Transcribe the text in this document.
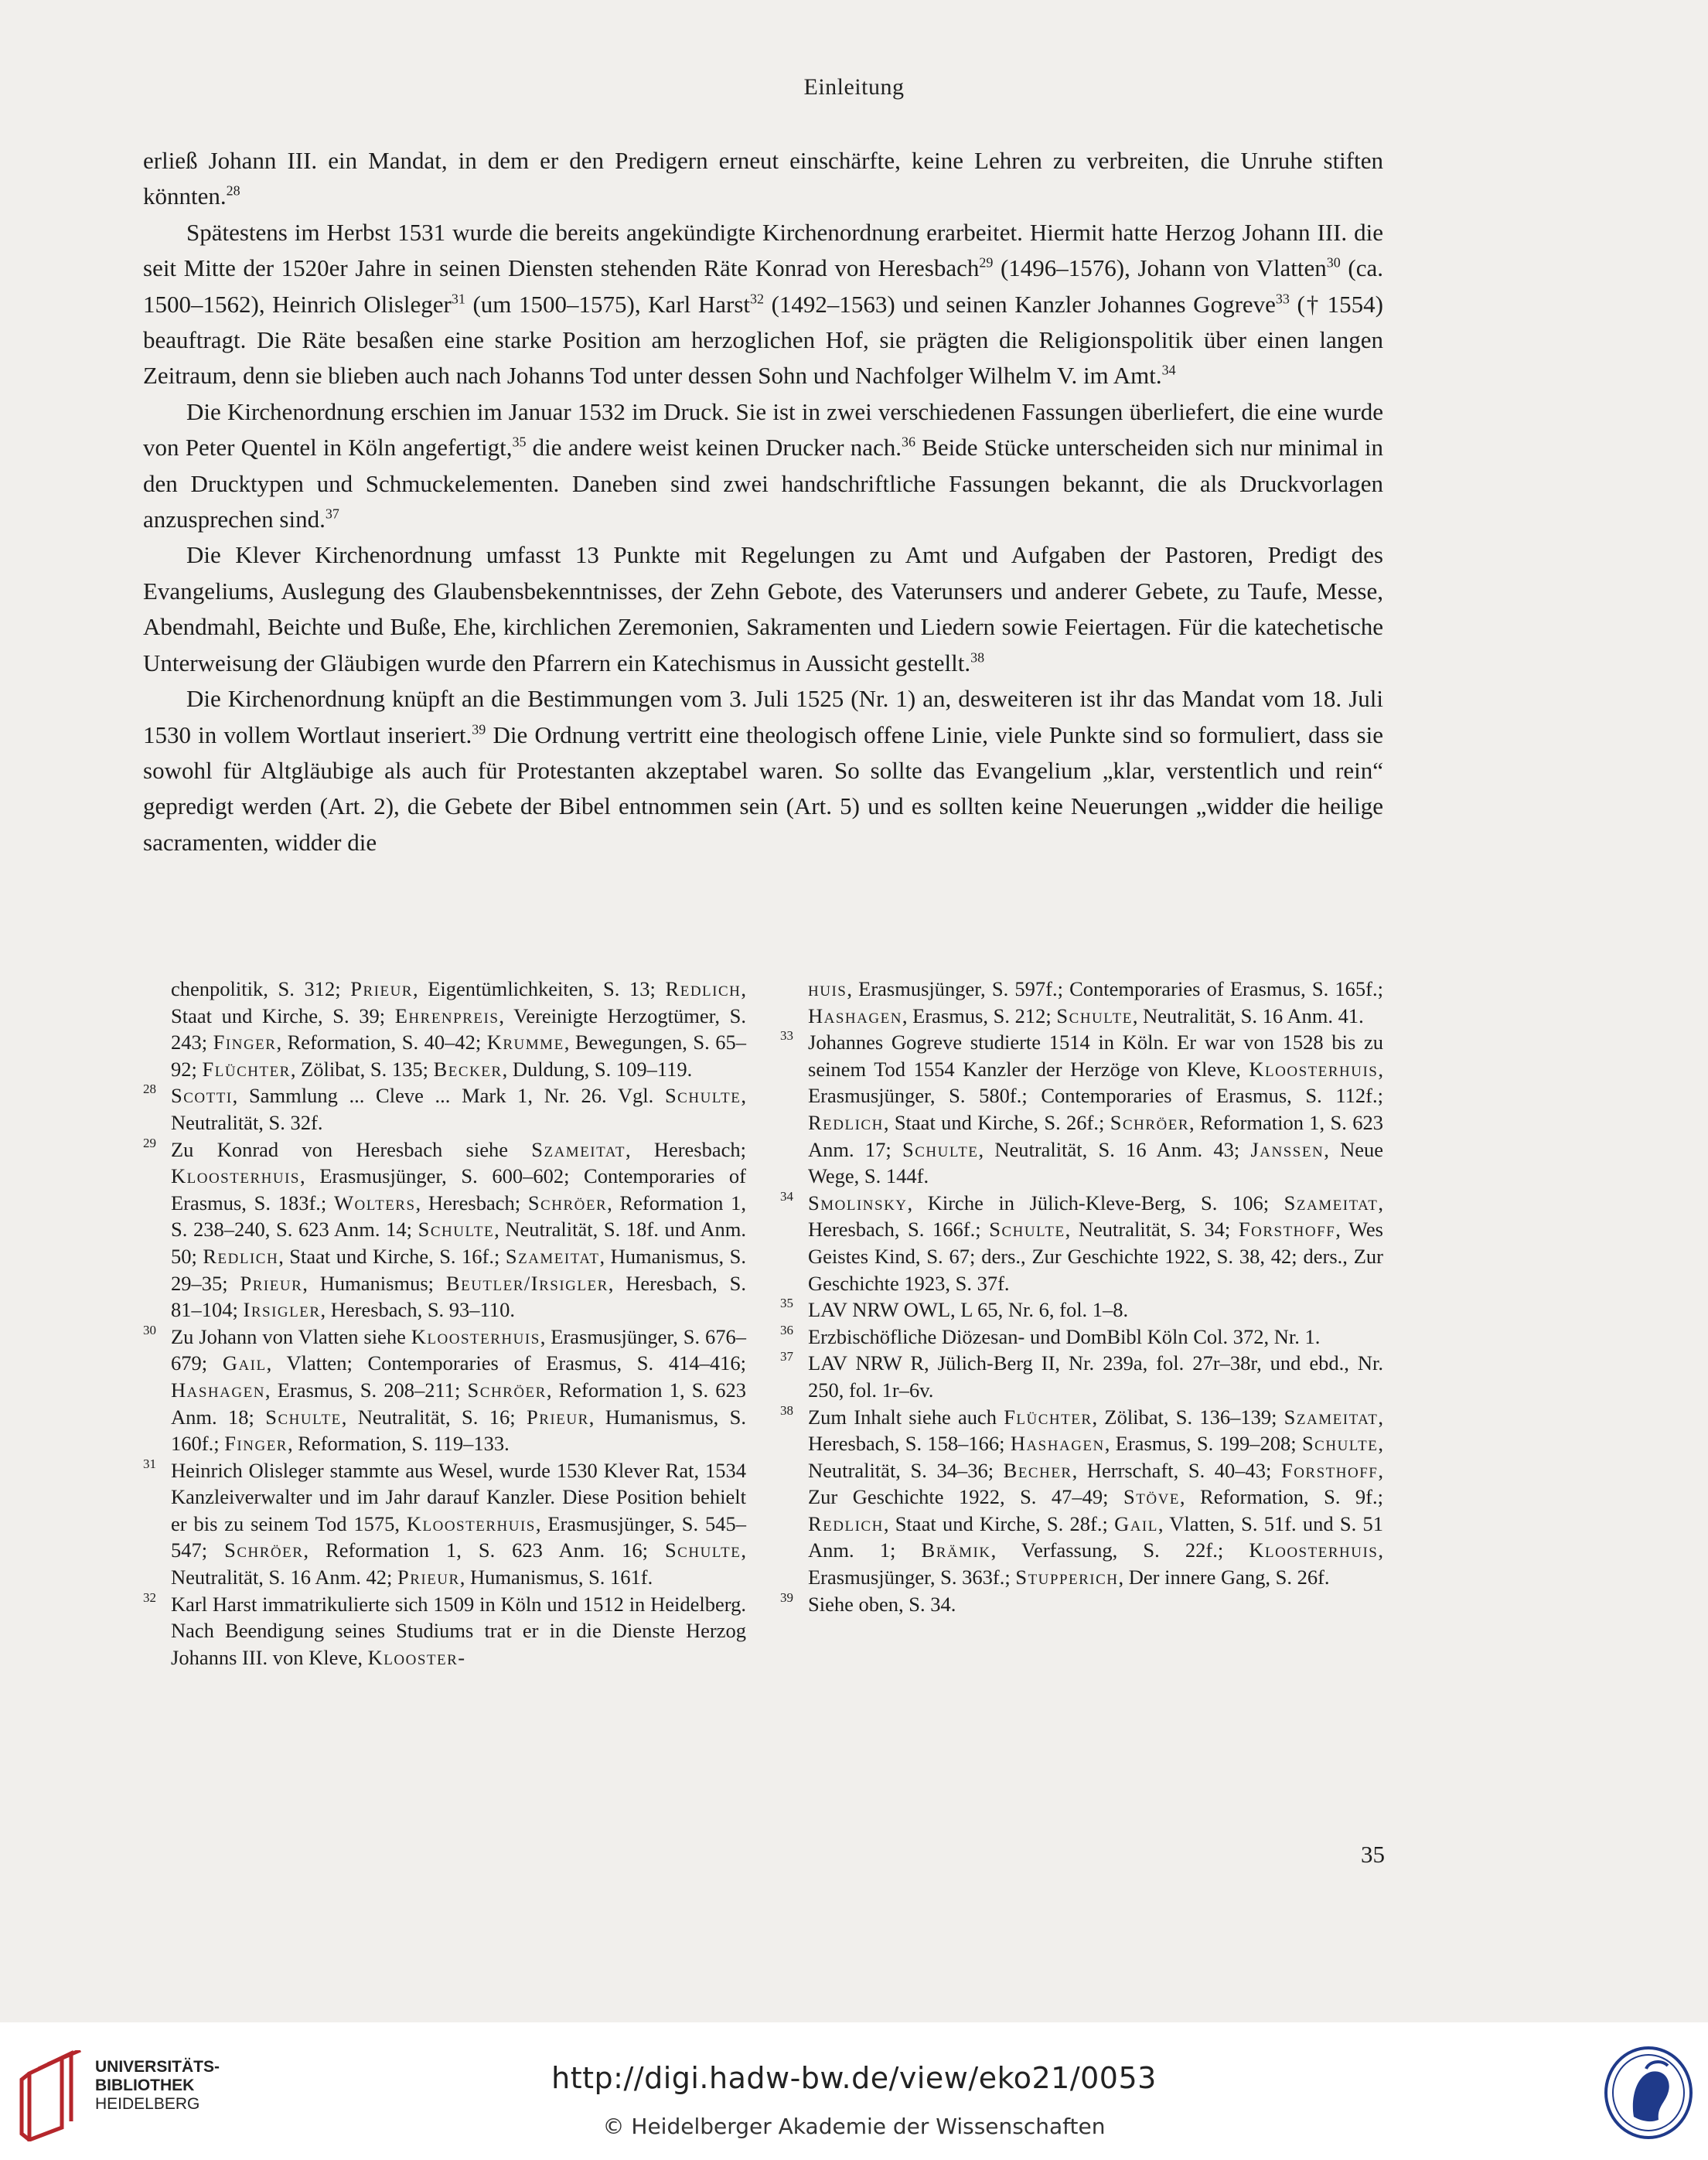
Einleitung

erließ Johann III. ein Mandat, in dem er den Predigern erneut einschärfte, keine Lehren zu verbreiten, die Unruhe stiften könnten.$^{28}$

Spätestens im Herbst 1531 wurde die bereits angekündigte Kirchenordnung erarbeitet. Hiermit hatte Herzog Johann III. die seit Mitte der 1520er Jahre in seinen Diensten stehenden Räte Konrad von Heresbach$^{29}$ (1496–1576), Johann von Vlatten$^{30}$ (ca. 1500–1562), Heinrich Olisleger$^{31}$ (um 1500–1575), Karl Harst$^{32}$ (1492–1563) und seinen Kanzler Johannes Gogreve$^{33}$ († 1554) beauftragt. Die Räte besaßen eine starke Position am herzoglichen Hof, sie prägten die Religionspolitik über einen langen Zeitraum, denn sie blieben auch nach Johanns Tod unter dessen Sohn und Nachfolger Wilhelm V. im Amt.$^{34}$

Die Kirchenordnung erschien im Januar 1532 im Druck. Sie ist in zwei verschiedenen Fassungen überliefert, die eine wurde von Peter Quentel in Köln angefertigt,$^{35}$ die andere weist keinen Drucker nach.$^{36}$ Beide Stücke unterscheiden sich nur minimal in den Drucktypen und Schmuckelementen. Daneben sind zwei handschriftliche Fassungen bekannt, die als Druckvorlagen anzusprechen sind.$^{37}$

Die Klever Kirchenordnung umfasst 13 Punkte mit Regelungen zu Amt und Aufgaben der Pastoren, Predigt des Evangeliums, Auslegung des Glaubensbekenntnisses, der Zehn Gebote, des Vaterunsers und anderer Gebete, zu Taufe, Messe, Abendmahl, Beichte und Buße, Ehe, kirchlichen Zeremonien, Sakramenten und Liedern sowie Feiertagen. Für die katechetische Unterweisung der Gläubigen wurde den Pfarrern ein Katechismus in Aussicht gestellt.$^{38}$

Die Kirchenordnung knüpft an die Bestimmungen vom 3. Juli 1525 (Nr. 1) an, desweiteren ist ihr das Mandat vom 18. Juli 1530 in vollem Wortlaut inseriert.$^{39}$ Die Ordnung vertritt eine theologisch offene Linie, viele Punkte sind so formuliert, dass sie sowohl für Altgläubige als auch für Protestanten akzeptabel waren. So sollte das Evangelium „klar, verstentlich und rein“ gepredigt werden (Art. 2), die Gebete der Bibel entnommen sein (Art. 5) und es sollten keine Neuerungen „widder die heilige sacramenten, widder die

chenpolitik, S. 312; Prieur, Eigentümlichkeiten, S. 13; Redlich, Staat und Kirche, S. 39; Ehrenpreis, Vereinigte Herzogtümer, S. 243; Finger, Reformation, S. 40–42; Krumme, Bewegungen, S. 65–92; Flüchter, Zölibat, S. 135; Becker, Duldung, S. 109–119.
28 Scotti, Sammlung ... Cleve ... Mark 1, Nr. 26. Vgl. Schulte, Neutralität, S. 32f.
29 Zu Konrad von Heresbach siehe Szameitat, Heresbach; Kloosterhuis, Erasmusjünger, S. 600–602; Contemporaries of Erasmus, S. 183f.; Wolters, Heresbach; Schröer, Reformation 1, S. 238–240, S. 623 Anm. 14; Schulte, Neutralität, S. 18f. und Anm. 50; Redlich, Staat und Kirche, S. 16f.; Szameitat, Humanismus, S. 29–35; Prieur, Humanismus; Beutler/Irsigler, Heresbach, S. 81–104; Irsigler, Heresbach, S. 93–110.
30 Zu Johann von Vlatten siehe Kloosterhuis, Erasmusjünger, S. 676–679; Gail, Vlatten; Contemporaries of Erasmus, S. 414–416; Hashagen, Erasmus, S. 208–211; Schröer, Reformation 1, S. 623 Anm. 18; Schulte, Neutralität, S. 16; Prieur, Humanismus, S. 160f.; Finger, Reformation, S. 119–133.
31 Heinrich Olisleger stammte aus Wesel, wurde 1530 Klever Rat, 1534 Kanzleiverwalter und im Jahr darauf Kanzler. Diese Position behielt er bis zu seinem Tod 1575, Kloosterhuis, Erasmusjünger, S. 545–547; Schröer, Reformation 1, S. 623 Anm. 16; Schulte, Neutralität, S. 16 Anm. 42; Prieur, Humanismus, S. 161f.
32 Karl Harst immatrikulierte sich 1509 in Köln und 1512 in Heidelberg. Nach Beendigung seines Studiums trat er in die Dienste Herzog Johanns III. von Kleve, Klooster-
huis, Erasmusjünger, S. 597f.; Contemporaries of Erasmus, S. 165f.; Hashagen, Erasmus, S. 212; Schulte, Neutralität, S. 16 Anm. 41.
33 Johannes Gogreve studierte 1514 in Köln. Er war von 1528 bis zu seinem Tod 1554 Kanzler der Herzöge von Kleve, Kloosterhuis, Erasmusjünger, S. 580f.; Contemporaries of Erasmus, S. 112f.; Redlich, Staat und Kirche, S. 26f.; Schröer, Reformation 1, S. 623 Anm. 17; Schulte, Neutralität, S. 16 Anm. 43; Janssen, Neue Wege, S. 144f.
34 Smolinsky, Kirche in Jülich-Kleve-Berg, S. 106; Szameitat, Heresbach, S. 166f.; Schulte, Neutralität, S. 34; Forsthoff, Wes Geistes Kind, S. 67; ders., Zur Geschichte 1922, S. 38, 42; ders., Zur Geschichte 1923, S. 37f.
35 LAV NRW OWL, L 65, Nr. 6, fol. 1–8.
36 Erzbischöfliche Diözesan- und DomBibl Köln Col. 372, Nr. 1.
37 LAV NRW R, Jülich-Berg II, Nr. 239a, fol. 27r–38r, und ebd., Nr. 250, fol. 1r–6v.
38 Zum Inhalt siehe auch Flüchter, Zölibat, S. 136–139; Szameitat, Heresbach, S. 158–166; Hashagen, Erasmus, S. 199–208; Schulte, Neutralität, S. 34–36; Becher, Herrschaft, S. 40–43; Forsthoff, Zur Geschichte 1922, S. 47–49; Stöve, Reformation, S. 9f.; Redlich, Staat und Kirche, S. 28f.; Gail, Vlatten, S. 51f. und S. 51 Anm. 1; Brämik, Verfassung, S. 22f.; Kloosterhuis, Erasmusjünger, S. 363f.; Stupperich, Der innere Gang, S. 26f.
39 Siehe oben, S. 34.
35
UNIVERSITÄTS-
BIBLIOTHEK
HEIDELBERG
http://digi.hadw-bw.de/view/eko21/0053
© Heidelberger Akademie der Wissenschaften
